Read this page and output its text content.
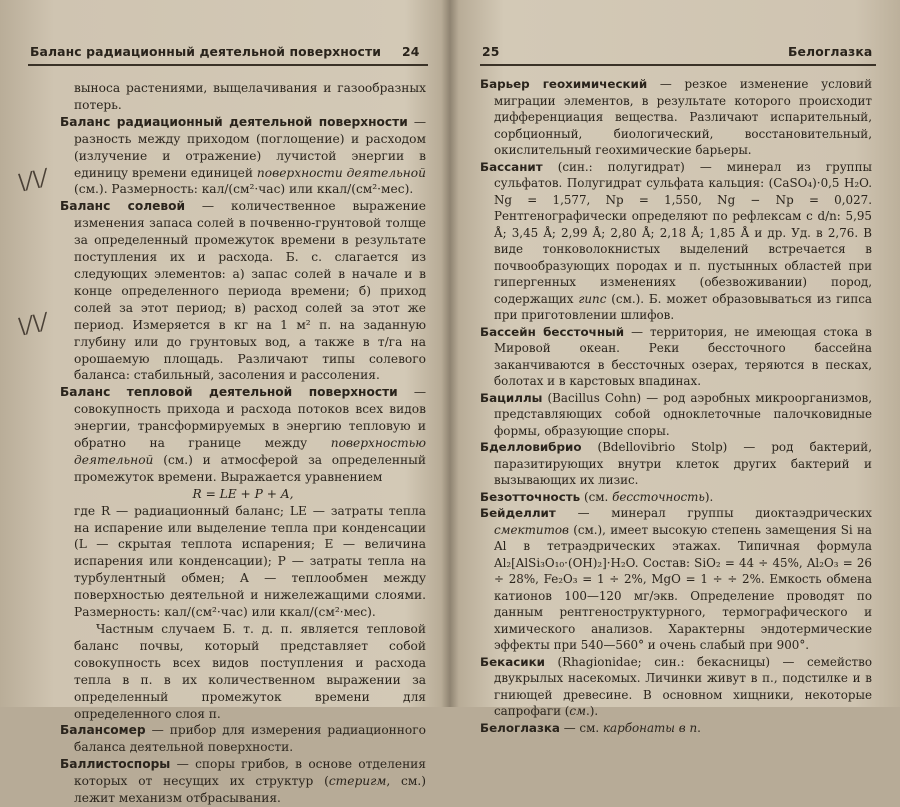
Баланс радиационный деятельной поверхности 24
\/\/
\/\/

выноса растениями, выщелачивания и газообразных потерь.

Баланс радиационный деятельной поверхности — разность между приходом (поглощение) и расходом (излучение и отражение) лучистой энергии в единицу времени единицей поверхности деятельной (см.). Размерность: кал/(см²·час) или ккал/(см²·мес).

Баланс солевой — количественное выражение изменения запаса солей в почвенно-грунтовой толще за определенный промежуток времени в результате поступления их и расхода. Б. с. слагается из следующих элементов: а) запас солей в начале и в конце определенного периода времени; б) приход солей за этот период; в) расход солей за этот же период. Измеряется в кг на 1 м² п. на заданную глубину или до грунтовых вод, а также в т/га на орошаемую площадь. Различают типы солевого баланса: стабильный, засоления и рассоления.

Баланс тепловой деятельной поверхности — совокупность прихода и расхода потоков всех видов энергии, трансформируемых в энергию тепловую и обратно на границе между поверхностью деятельной (см.) и атмосферой за определенный промежуток времени. Выражается уравнением

R = LE + P + A,

где R — радиационный баланс; LE — затраты тепла на испарение или выделение тепла при конденсации (L — скрытая теплота испарения; E — величина испарения или конденсации); P — затраты тепла на турбулентный обмен; A — теплообмен между поверхностью деятельной и нижележащими слоями. Размерность: кал/(см²·час) или ккал/(см²·мес).

Частным случаем Б. т. д. п. является тепловой баланс почвы, который представляет собой совокупность всех видов поступления и расхода тепла в п. в их количественном выражении за определенный промежуток времени для определенного слоя п.

Балансомер — прибор для измерения радиационного баланса деятельной поверхности.

Баллистоспоры — споры грибов, в основе отделения которых от несущих их структур (стеригм, см.) лежит механизм отбрасывания.

25	Белоглазка

Барьер геохимический — резкое изменение условий миграции элементов, в результате которого происходит дифференциация вещества. Различают испарительный, сорбционный, биологический, восстановительный, окислительный геохимические барьеры.

Бассанит (син.: полугидрат) — минерал из группы сульфатов. Полугидрат сульфата кальция: (CaSO₄)·0,5 H₂O. Ng = 1,577, Np = 1,550, Ng − Np = 0,027. Рентгенографически определяют по рефлексам с d/n: 5,95 Å; 3,45 Å; 2,99 Å; 2,80 Å; 2,18 Å; 1,85 Å и др. Уд. в 2,76. В виде тонковолокнистых выделений встречается в почвообразующих породах и п. пустынных областей при гипергенных изменениях (обезвоживании) пород, содержащих гипс (см.). Б. может образовываться из гипса при приготовлении шлифов.

Бассейн бессточный — территория, не имеющая стока в Мировой океан. Реки бессточного бассейна заканчиваются в бессточных озерах, теряются в песках, болотах и в карстовых впадинах.

Бациллы (Bacillus Cohn) — род аэробных микроорганизмов, представляющих собой одноклеточные палочковидные формы, образующие споры.

Бделловибрио (Bdellovibrio Stolp) — род бактерий, паразитирующих внутри клеток других бактерий и вызывающих их лизис.

Безотточность (см. бессточность).

Бейделлит — минерал группы диоктаэдрических смектитов (см.), имеет высокую степень замещения Si на Al в тетраэдрических этажах. Типичная формула Al₂[AlSi₃O₁₀·(OH)₂]·H₂O. Состав: SiO₂ = 44 ÷ 45%, Al₂O₃ = 26 ÷ 28%, Fe₂O₃ = 1 ÷ 2%, MgO = 1 ÷ ÷ 2%. Емкость обмена катионов 100—120 мг/экв. Определение проводят по данным рентгеноструктурного, термографического и химического анализов. Характерны эндотермические эффекты при 540—560° и очень слабый при 900°.

Бекасики (Rhagionidae; син.: бекасницы) — семейство двукрылых насекомых. Личинки живут в п., подстилке и в гниющей древесине. В основном хищники, некоторые сапрофаги (см.).

Белоглазка — см. карбонаты в п.
